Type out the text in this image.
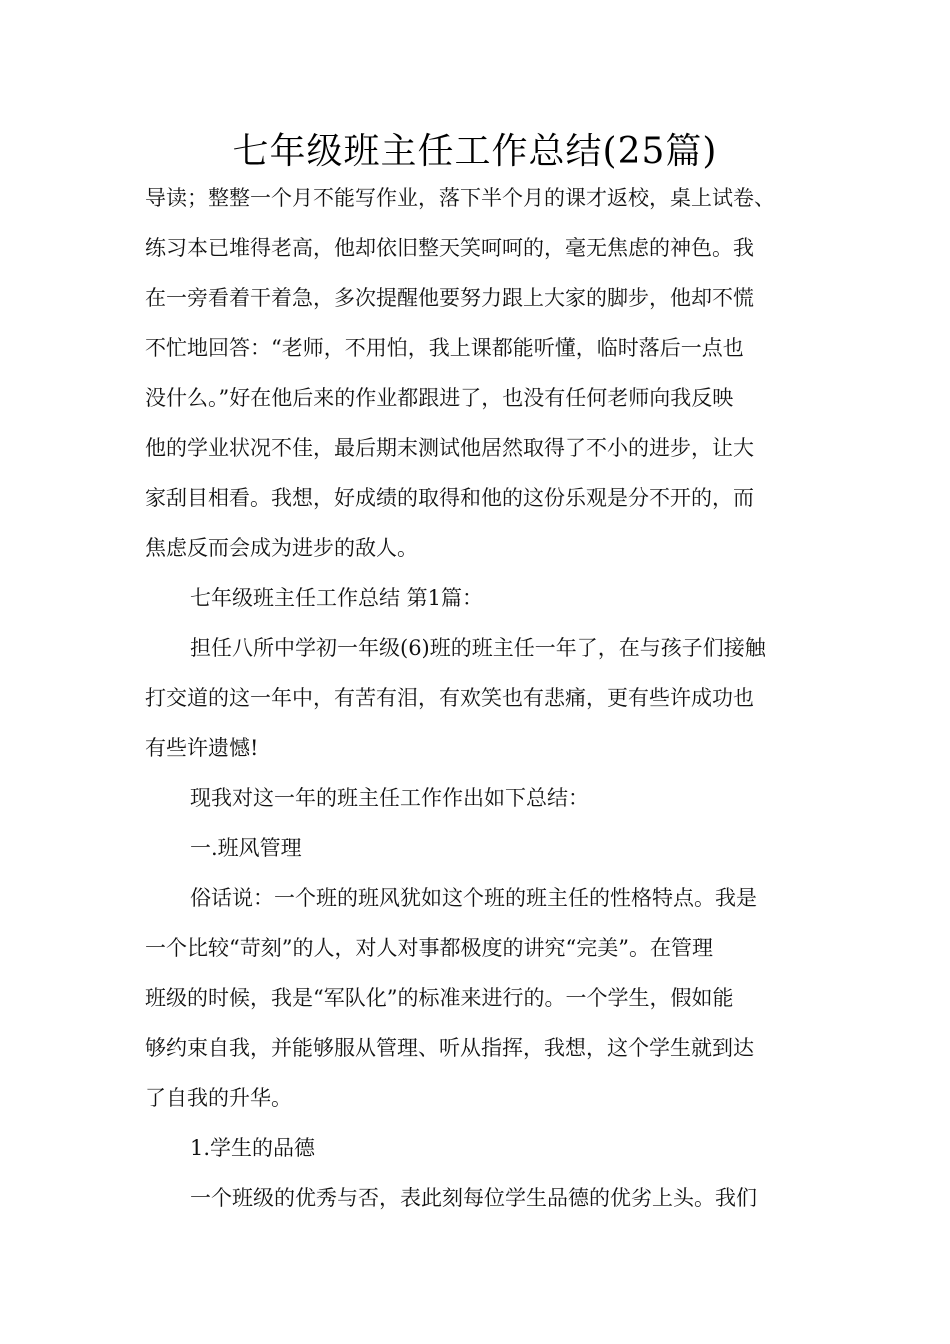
七年级班主任工作总结(25篇)
导读；整整一个月不能写作业，落下半个月的课才返校，桌上试卷、
练习本已堆得老高，他却依旧整天笑呵呵的，毫无焦虑的神色。我
在一旁看着干着急，多次提醒他要努力跟上大家的脚步，他却不慌
不忙地回答：“老师，不用怕，我上课都能听懂，临时落后一点也
没什么。”好在他后来的作业都跟进了，也没有任何老师向我反映
他的学业状况不佳，最后期末测试他居然取得了不小的进步，让大
家刮目相看。我想，好成绩的取得和他的这份乐观是分不开的，而
焦虑反而会成为进步的敌人。
七年级班主任工作总结 第1篇：
担任八所中学初一年级(6)班的班主任一年了，在与孩子们接触
打交道的这一年中，有苦有泪，有欢笑也有悲痛，更有些许成功也
有些许遗憾!
现我对这一年的班主任工作作出如下总结：
一.班风管理
俗话说：一个班的班风犹如这个班的班主任的性格特点。我是
一个比较“苛刻”的人，对人对事都极度的讲究“完美”。在管理
班级的时候，我是“军队化”的标准来进行的。一个学生，假如能
够约束自我，并能够服从管理、听从指挥，我想，这个学生就到达
了自我的升华。
1.学生的品德
一个班级的优秀与否，表此刻每位学生品德的优劣上头。我们
